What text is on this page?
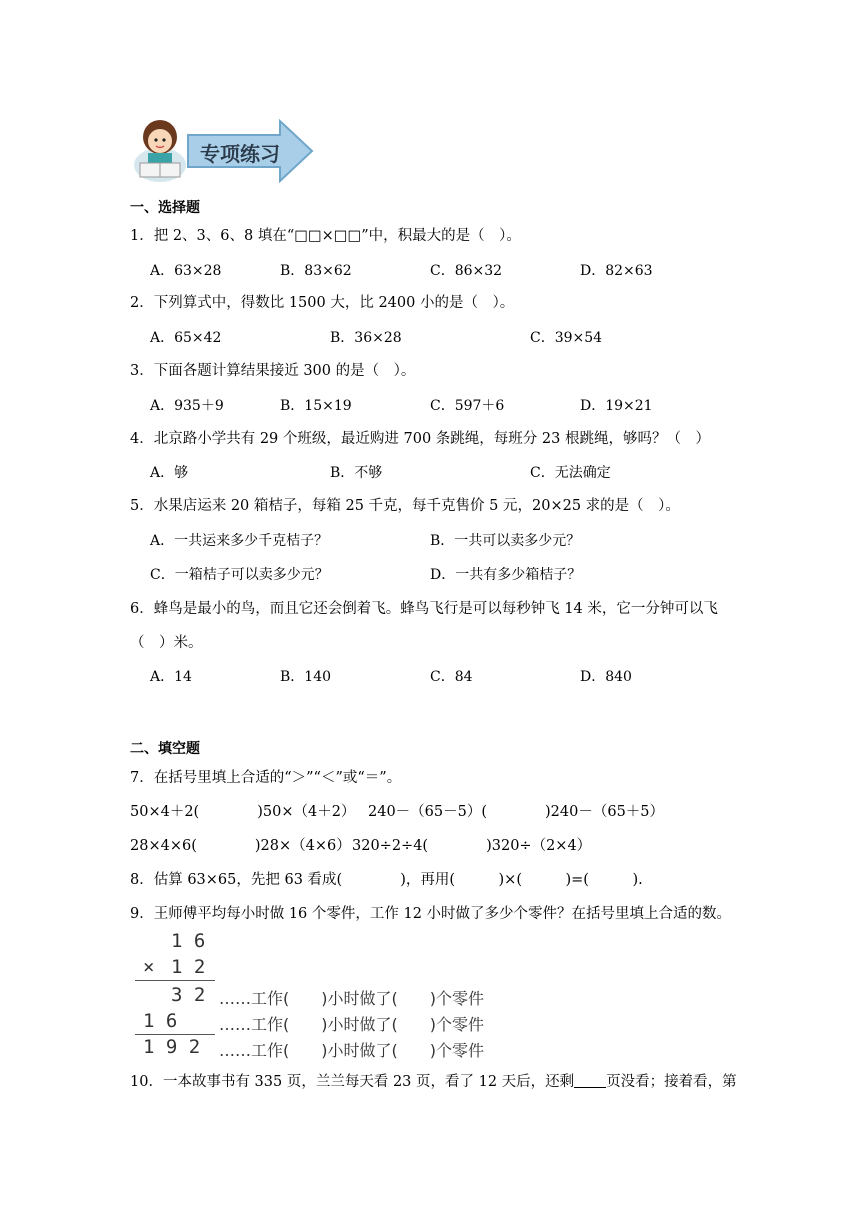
专项练习
一、选择题
1．把 2、3、6、8 填在“□□×□□”中，积最大的是（　）。
A．63×28	B．83×62	C．86×32	D．82×63
2．下列算式中，得数比 1500 大，比 2400 小的是（　）。
A．65×42	B．36×28	C．39×54
3．下面各题计算结果接近 300 的是（　）。
A．935＋9	B．15×19	C．597＋6	D．19×21
4．北京路小学共有 29 个班级，最近购进 700 条跳绳，每班分 23 根跳绳，够吗？（　）
A．够	B．不够	C．无法确定
5．水果店运来 20 箱桔子，每箱 25 千克，每千克售价 5 元，20×25 求的是（　）。
A．一共运来多少千克桔子？	B．一共可以卖多少元？
C．一箱桔子可以卖多少元？	D．一共有多少箱桔子？
6．蜂鸟是最小的鸟，而且它还会倒着飞。蜂鸟飞行是可以每秒钟飞 14 米，它一分钟可以飞
（　）米。
A．14	B．140	C．84	D．840
二、填空题
7．在括号里填上合适的“＞”“＜”或“＝”。
50×4＋2(　　　　)50×（4＋2） 240－（65－5）(　　　　)240－（65＋5）
28×4×6(　　　　)28×（4×6） 320÷2÷4(　　　　)320÷（2×4）
8．估算 63×65，先把 63 看成(　　　　)，再用(　　　)×(　　　)=(　　　).
9．王师傅平均每小时做 16 个零件，工作 12 小时做了多少个零件？在括号里填上合适的数。
1 6
× 1 2
3 2 ……工作(　　)小时做了(　　)个零件
1 6	……工作(　　)小时做了(　　)个零件
1 9 2 ……工作(　　)小时做了(　　)个零件
10．一本故事书有 335 页，兰兰每天看 23 页，看了 12 天后，还剩 页没看；接着看，第
